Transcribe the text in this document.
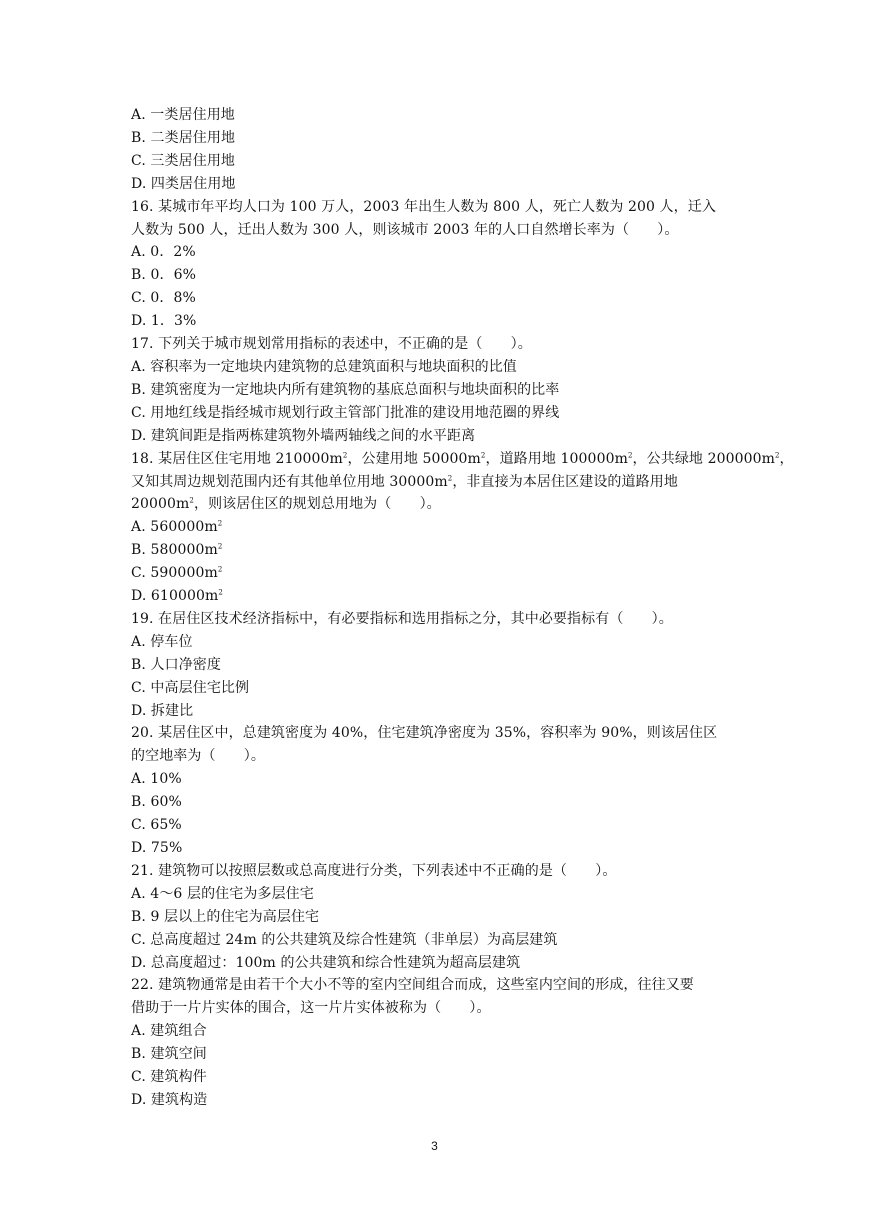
A. 一类居住用地
B. 二类居住用地
C. 三类居住用地
D. 四类居住用地
16. 某城市年平均人口为 100 万人，2003 年出生人数为 800 人，死亡人数为 200 人，迁入
人数为 500 人，迁出人数为 300 人，则该城市 2003 年的人口自然增长率为（　　）。
A. 0．2%
B. 0．6%
C. 0．8%
D. 1．3%
17. 下列关于城市规划常用指标的表述中，不正确的是（　　）。
A. 容积率为一定地块内建筑物的总建筑面积与地块面积的比值
B. 建筑密度为一定地块内所有建筑物的基底总面积与地块面积的比率
C. 用地红线是指经城市规划行政主管部门批准的建设用地范圈的界线
D. 建筑间距是指两栋建筑物外墙两轴线之间的水平距离
18. 某居住区住宅用地 $210000m^2$，公建用地 $50000m^2$，道路用地 $100000m^2$，公共绿地 $200000m^2$，
又知其周边规划范围内还有其他单位用地 $30000m^2$，非直接为本居住区建设的道路用地
$20000m^2$，则该居住区的规划总用地为（　　）。
A. $560000m^2$
B. $580000m^2$
C. $590000m^2$
D. $610000m^2$
19. 在居住区技术经济指标中，有必要指标和选用指标之分，其中必要指标有（　　）。
A. 停车位
B. 人口净密度
C. 中高层住宅比例
D. 拆建比
20. 某居住区中，总建筑密度为 40%，住宅建筑净密度为 35%，容积率为 90%，则该居住区
的空地率为（　　）。
A. 10%
B. 60%
C. 65%
D. 75%
21. 建筑物可以按照层数或总高度进行分类，下列表述中不正确的是（　　）。
A. 4～6 层的住宅为多层住宅
B. 9 层以上的住宅为高层住宅
C. 总高度超过 24m 的公共建筑及综合性建筑（非单层）为高层建筑
D. 总高度超过：100m 的公共建筑和综合性建筑为超高层建筑
22. 建筑物通常是由若干个大小不等的室内空间组合而成，这些室内空间的形成，往往又要
借助于一片片实体的围合，这一片片实体被称为（　　）。
A. 建筑组合
B. 建筑空间
C. 建筑构件
D. 建筑构造
3
